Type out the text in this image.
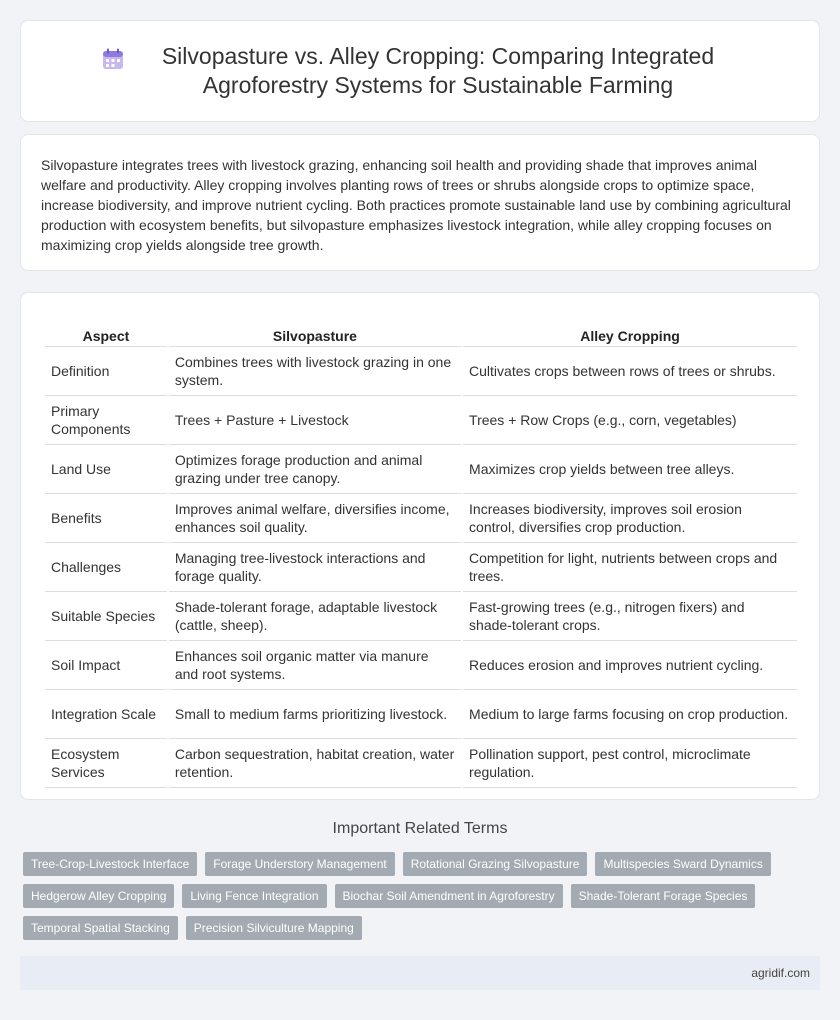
Silvopasture vs. Alley Cropping: Comparing Integrated Agroforestry Systems for Sustainable Farming

Silvopasture integrates trees with livestock grazing, enhancing soil health and providing shade that improves animal welfare and productivity. Alley cropping involves planting rows of trees or shrubs alongside crops to optimize space, increase biodiversity, and improve nutrient cycling. Both practices promote sustainable land use by combining agricultural production with ecosystem benefits, but silvopasture emphasizes livestock integration, while alley cropping focuses on maximizing crop yields alongside tree growth.

Aspect	Silvopasture	Alley Cropping
Definition	Combines trees with livestock grazing in one system.	Cultivates crops between rows of trees or shrubs.
Primary Components	Trees + Pasture + Livestock	Trees + Row Crops (e.g., corn, vegetables)
Land Use	Optimizes forage production and animal grazing under tree canopy.	Maximizes crop yields between tree alleys.
Benefits	Improves animal welfare, diversifies income, enhances soil quality.	Increases biodiversity, improves soil erosion control, diversifies crop production.
Challenges	Managing tree-livestock interactions and forage quality.	Competition for light, nutrients between crops and trees.
Suitable Species	Shade-tolerant forage, adaptable livestock (cattle, sheep).	Fast-growing trees (e.g., nitrogen fixers) and shade-tolerant crops.
Soil Impact	Enhances soil organic matter via manure and root systems.	Reduces erosion and improves nutrient cycling.
Integration Scale	Small to medium farms prioritizing livestock.	Medium to large farms focusing on crop production.
Ecosystem Services	Carbon sequestration, habitat creation, water retention.	Pollination support, pest control, microclimate regulation.
Important Related Terms
Tree-Crop-Livestock Interface	Forage Understory Management	Rotational Grazing Silvopasture	Multispecies Sward Dynamics
Hedgerow Alley Cropping	Living Fence Integration	Biochar Soil Amendment in Agroforestry	Shade-Tolerant Forage Species
Temporal Spatial Stacking	Precision Silviculture Mapping
agridif.com
